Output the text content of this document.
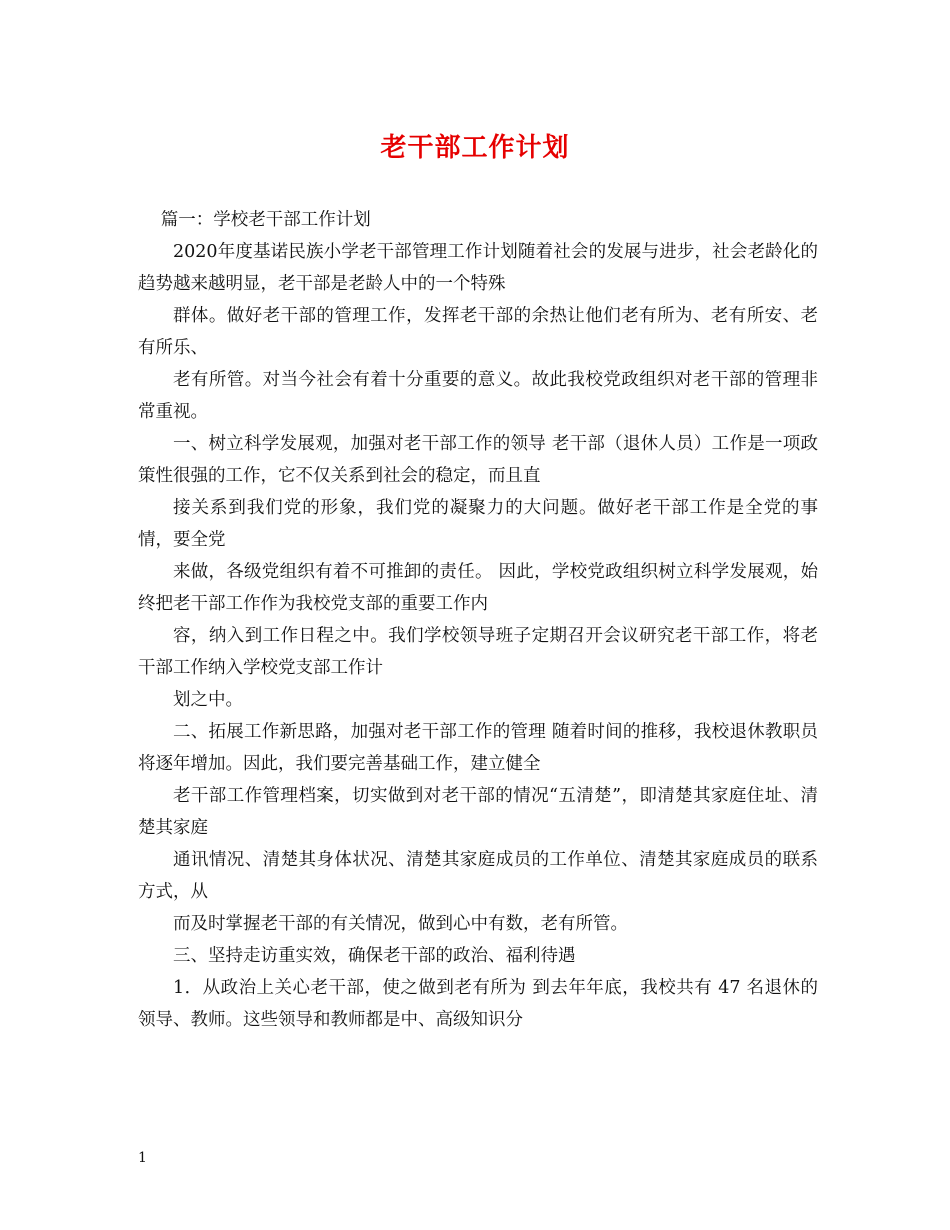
老干部工作计划

篇一：学校老干部工作计划

2020年度基诺民族小学老干部管理工作计划随着社会的发展与进步，社会老龄化的趋势越来越明显，老干部是老龄人中的一个特殊

群体。做好老干部的管理工作，发挥老干部的余热让他们老有所为、老有所安、老有所乐、

老有所管。对当今社会有着十分重要的意义。故此我校党政组织对老干部的管理非常重视。

一、树立科学发展观，加强对老干部工作的领导 老干部（退休人员）工作是一项政策性很强的工作，它不仅关系到社会的稳定，而且直

接关系到我们党的形象，我们党的凝聚力的大问题。做好老干部工作是全党的事情，要全党

来做，各级党组织有着不可推卸的责任。 因此，学校党政组织树立科学发展观，始终把老干部工作作为我校党支部的重要工作内

容，纳入到工作日程之中。我们学校领导班子定期召开会议研究老干部工作，将老干部工作纳入学校党支部工作计

划之中。

二、拓展工作新思路，加强对老干部工作的管理 随着时间的推移，我校退休教职员将逐年增加。因此，我们要完善基础工作，建立健全

老干部工作管理档案，切实做到对老干部的情况“五清楚”，即清楚其家庭住址、清楚其家庭

通讯情况、清楚其身体状况、清楚其家庭成员的工作单位、清楚其家庭成员的联系方式，从

而及时掌握老干部的有关情况，做到心中有数，老有所管。

三、坚持走访重实效，确保老干部的政治、福利待遇

1．从政治上关心老干部，使之做到老有所为 到去年年底，我校共有 47 名退休的领导、教师。这些领导和教师都是中、高级知识分

1
